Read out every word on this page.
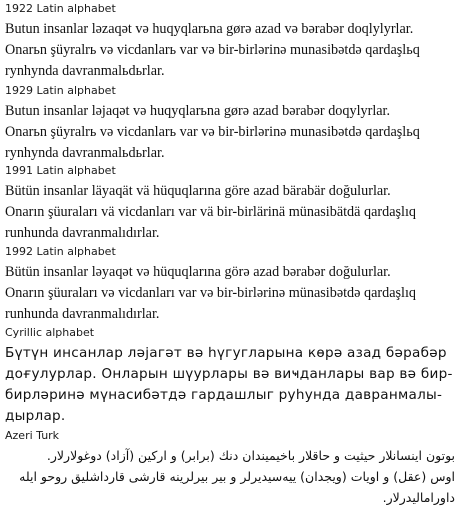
1922 Latin alphabet
Butun insanlar ləzaqət və huqyqlarьna gørə azad və bərabər doqlylyrlar.
Onarьn şüyralrь və vicdanlarь var və bir-birlərinə munasibətdə qardaşlьq
rynhynda davranmalьdьrlar.
1929 Latin alphabet
Butun insanlar ləjaqət və huqyqlarьna gørə azad bərabər doqylyrlar.
Onarьn şüyralrь və vicdanlarь var və bir-birlərinə munasibətdə qardaşlьq
rynhynda davranmalьdьrlar.
1991 Latin alphabet
Bütün insanlar läyaqät vä hüquqlarına göre azad bärabär doğulurlar.
Onarın şüuraları vä vicdanları var vä bir-birlärinä münasibätdä qardaşlıq
runhunda davranmalıdırlar.
1992 Latin alphabet
Bütün insanlar ləyaqət və hüquqlarına görə azad bərabər doğulurlar.
Onarın şüuraları və vicdanları var və bir-birlərinə münasibətdə qardaşlıq
runhunda davranmalıdırlar.
Cyrillic alphabet
Бүтүн инсанлар ләјагәт вә һүгугларына көрә азад бәрабәр
доғулурлар. Онларын шүурлары вә виҹданлары вар вә бир-
бирләринә мүнасибәтдә гардашлыг руһунда давранмалы-
дырлар.
Azeri Turk
بوتون اينسانلار حيثيت و حاقلار باخيميندان دنك (برابر) و اركين (آزاد) دوغولارلار.
اوس (عقل) و اويات (ويجدان) ييەسيديرلر و بير بيرلرينه قارشى قارداشليق روحو ايله
داورامالیدرلار.
